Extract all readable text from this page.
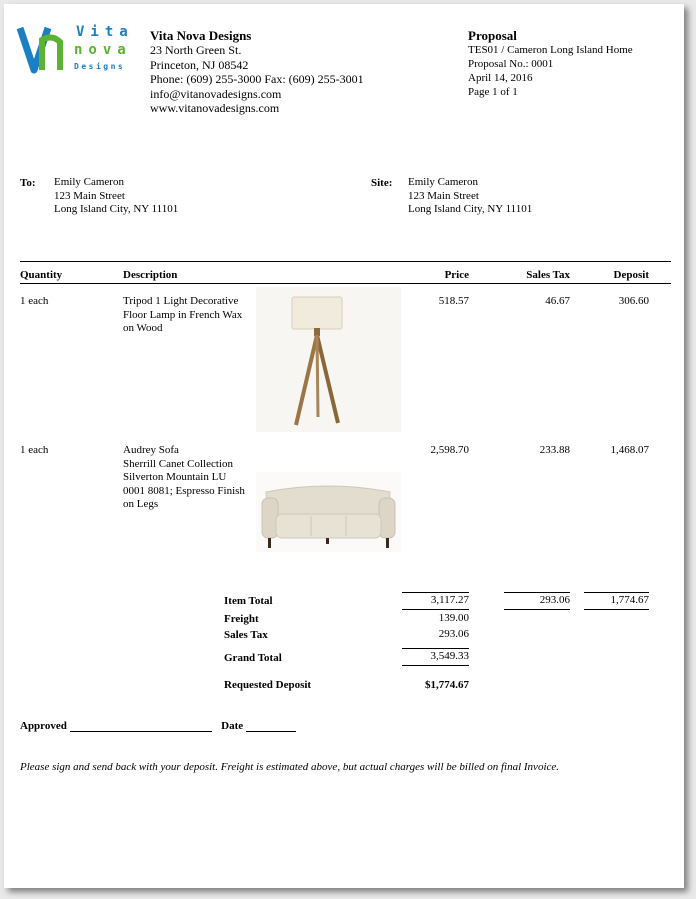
Vita
nova
Designs
Vita Nova Designs
23 North Green St.
Princeton, NJ 08542
Phone: (609) 255-3000 Fax: (609) 255-3001
info@vitanovadesigns.com
www.vitanovadesigns.com
Proposal
TES01 / Cameron Long Island Home
Proposal No.: 0001
April 14, 2016
Page 1 of 1
To: Emily Cameron
123 Main Street
Long Island City, NY 11101
Site: Emily Cameron
123 Main Street
Long Island City, NY 11101
Quantity	Description	Price	Sales Tax	Deposit
1 each	Tripod 1 Light Decorative
Floor Lamp in French Wax
on Wood
518.57	46.67	306.60
1 each	Audrey Sofa
Sherrill Canet Collection
Silverton Mountain LU
0001 8081; Espresso Finish
on Legs
2,598.70	233.88	1,468.07
Item Total	3,117.27	293.06	1,774.67
Freight	139.00
Sales Tax	293.06
Grand Total	3,549.33
Requested Deposit	$1,774.67
Approved	Date
Please sign and send back with your deposit. Freight is estimated above, but actual charges will be billed on final Invoice.
